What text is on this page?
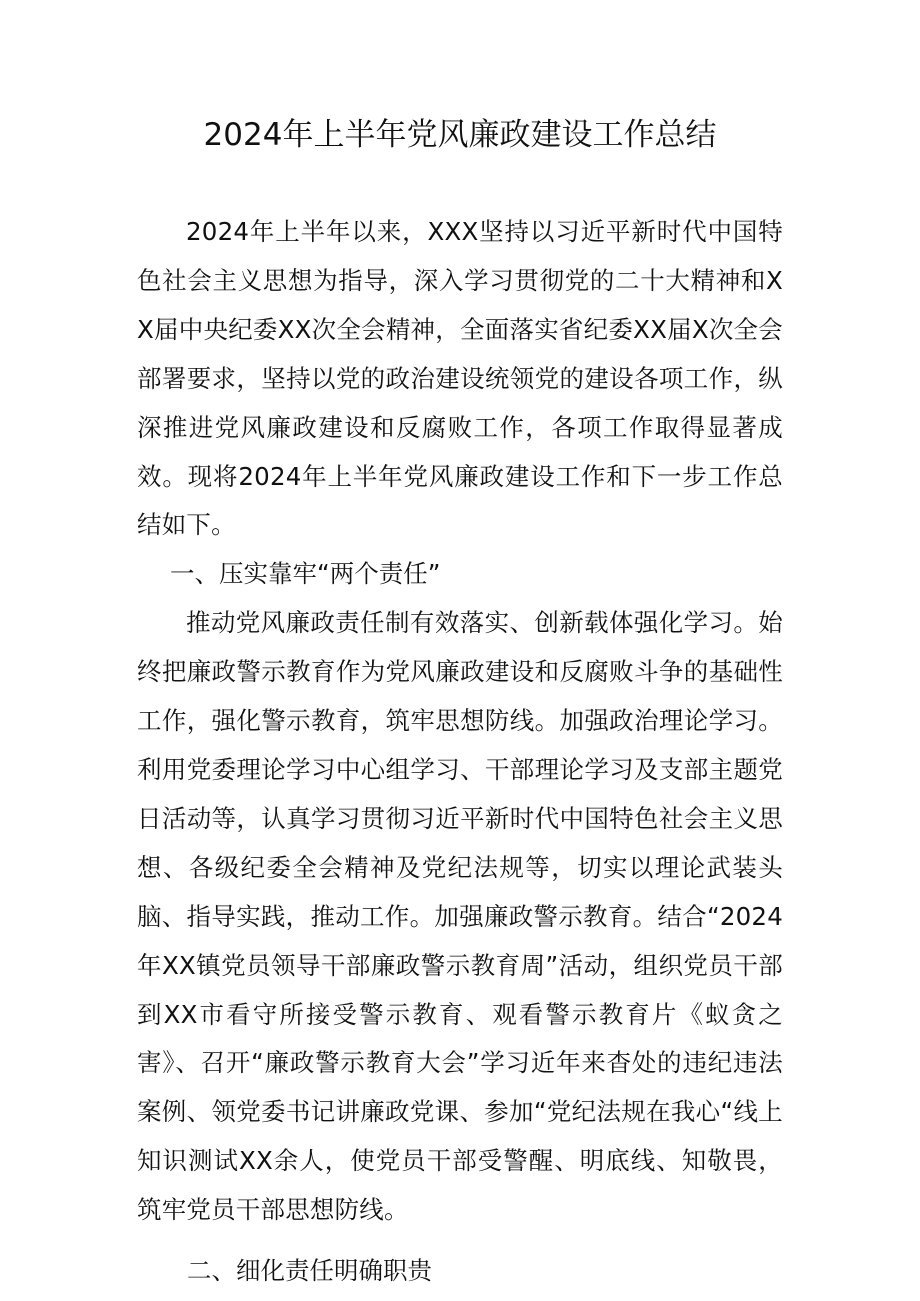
2024年上半年党风廉政建设工作总结

2024年上半年以来，XXX坚持以习近平新时代中国特色社会主义思想为指导，深入学习贯彻党的二十大精神和XX届中央纪委XX次全会精神，全面落实省纪委XX届X次全会部署要求，坚持以党的政治建设统领党的建设各项工作，纵深推进党风廉政建设和反腐败工作，各项工作取得显著成效。现将2024年上半年党风廉政建设工作和下一步工作总结如下。

一、压实靠牢“两个责任”

推动党风廉政责任制有效落实、创新载体强化学习。始终把廉政警示教育作为党风廉政建设和反腐败斗争的基础性工作，强化警示教育，筑牢思想防线。加强政治理论学习。利用党委理论学习中心组学习、干部理论学习及支部主题党日活动等，认真学习贯彻习近平新时代中国特色社会主义思想、各级纪委全会精神及党纪法规等，切实以理论武装头脑、指导实践，推动工作。加强廉政警示教育。结合“2024年XX镇党员领导干部廉政警示教育周”活动，组织党员干部到XX市看守所接受警示教育、观看警示教育片《蚁贪之害》、召开“廉政警示教育大会”学习近年来杳处的违纪违法案例、领党委书记讲廉政党课、参加“党纪法规在我心“线上知识测试XX余人，使党员干部受警醒、明底线、知敬畏，筑牢党员干部思想防线。

二、细化责任明确职贵
